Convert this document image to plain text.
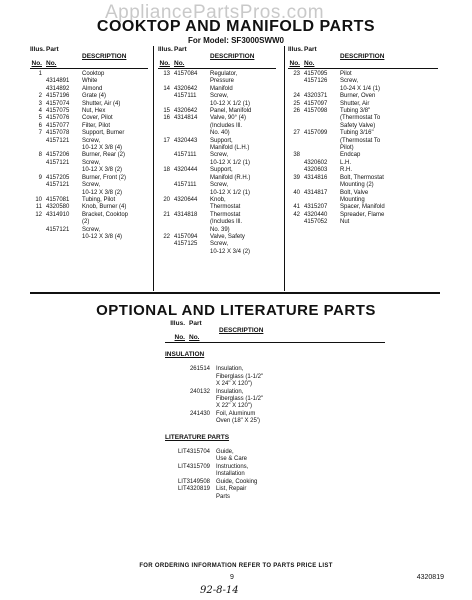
AppliancePartsPros.com
COOKTOP AND MANIFOLD PARTS
For Model: SF3000SWW0
Illus.

No.
Part

No.
DESCRIPTION
1	Cooktop
4314891	White
4314892	Almond
2 4157196	Grate (4)
3 4157074	Shutter, Air (4)
4 4157075	Nut, Hex
5 4157076	Cover, Pilot
6 4157077	Filter, Pilot
7 4157078	Support, Burner
4157121	Screw,
10-12 X 3/8 (4)
8 4157206	Burner, Rear (2)
4157121	Screw,
10-12 X 3/8 (2)
9 4157205	Burner, Front (2)
4157121	Screw,
10-12 X 3/8 (2)
10 4157081	Tubing, Pilot
11 4320580	Knob, Burner (4)
12 4314910	Bracket, Cooktop
(2)
4157121	Screw,
10-12 X 3/8 (4)
Illus.

No.
Part

No.
DESCRIPTION
13 4157084	Regulator,
Pressure
14 4320642	Manifold
4157111	Screw,
10-12 X 1/2 (1)
15 4320642	Panel, Manifold
16 4314814	Valve, 90° (4)
(Includes Ill.
No. 40)
17 4320443	Support,
Manifold (L.H.)
4157111	Screw,
10-12 X 1/2 (1)
18 4320444	Support,
Manifold (R.H.)
4157111	Screw,
10-12 X 1/2 (1)
20 4320644	Knob,
Thermostat
21 4314818	Thermostat
(Includes Ill.
No. 39)
22 4157094	Valve, Safety
4157125	Screw,
10-12 X 3/4 (2)
Illus.

No.
Part

No.
DESCRIPTION
23 4157095	Pilot
4157126	Screw,
10-24 X 1/4 (1)
24 4320371	Burner, Oven
25 4157097	Shutter, Air
26 4157098	Tubing 3/8"
(Thermostat To
Safety Valve)
27 4157099	Tubing 3/16"
(Thermostat To
Pilot)
38	Endcap
4320602	L.H.
4320603	R.H.
39 4314816	Bolt, Thermostat
Mounting (2)
40 4314817	Bolt, Valve
Mounting
41 4315207	Spacer, Manifold
42 4320440	Spreader, Flame
4157052	Nut
OPTIONAL AND LITERATURE PARTS
Illus.

No.
Part

No.
DESCRIPTION
INSULATION
261514	Insulation,
Fiberglass (1-1/2"
X 24" X 120")
240132	Insulation,
Fiberglass (1-1/2"
X 22" X 120")
241430	Foil, Aluminum
Oven (18" X 25')
LITERATURE PARTS
LIT4315704	Guide,
Use & Care
LIT4315709	Instructions,
Installation
LIT3149508	Guide, Cooking
LIT4320819	List, Repair
Parts
FOR ORDERING INFORMATION REFER TO PARTS PRICE LIST
9	4320819
92-8-14
